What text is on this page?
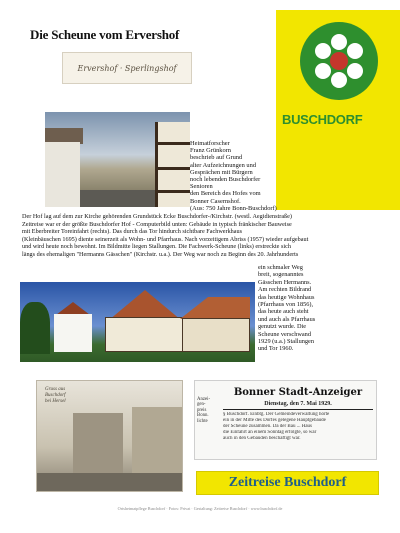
Die Scheune vom Ervershof
Ervershof · Sperlingshof
BUSCHDORF
Heimatforscher
Franz Grünkorn
beschrieb auf Grund
alter Aufzeichnungen und
Gesprächen mit Bürgern
noch lebenden Buschdorfer Senioren
den Bereich des Hofes vom Bonner Casernshof.
(Aus: 750 Jahre Bonn-Buschdorf)
Der Hof lag auf dem zur Kirche gehörenden Grundstück Ecke Buschdorfer-/Kirchstr. (westl. Aegidienstraße)
Zeitreise war er der größte Buschdorfer Hof - Computerbild unten: Gebäude in typisch fränkischer Bauweise
mit Eberbreiter Toreinfahrt (rechts). Das durch das Tor hindurch sichtbare Fachwerkhaus
(Kleinbäuschen 1695) diente seinerzeit als Wohn- und Pfarrhaus. Nach vorzeitigem Abriss (1957) wieder aufgebaut
und wird heute noch bewohnt. Im Bildmitte liegen Stallungen. Die Fachwerk-Scheune (links) erstreckte sich
längs des ehemaligen "Hermanns Gässchen" (Kirchstr. u.a.). Der Weg war noch zu Beginn des 20. Jahrhunderts
ein schmaler Weg
breit, sogenanntes
Gässchen Hermanns.
Am rechten Bildrand
das heutige Wohnhaus
(Pfarrhaus von 1856),
das heute auch steht
und auch als Pfarrhaus
genutzt wurde. Die
Scheune verschwand
1929 (u.a.) Stallungen
und Tor 1960.
Gruss aus
Buschdorf
bei Hersel	Anzei-
gen-
preis
Bonn.
lichte
Bonner Stadt-Anzeiger
Dienstag, den 7. Mai 1929.
§ Buschdorf. Einbtg. Der Gemeindeverwaltung hörte
ein in der Mitte des Dorfes gelegene Hauptgebäude
der Scheune zusammen. Da der Bau ... Haus
die Einfahrt an einem Sonntag erfolgte, so war
auch in den Gebäuden beschäftigt war.
Zeitreise Buschdorf
Ortsheimatpflege Buschdorf · Fotos: Privat · Gestaltung: Zeitreise Buschdorf · www.buschdorf.de
